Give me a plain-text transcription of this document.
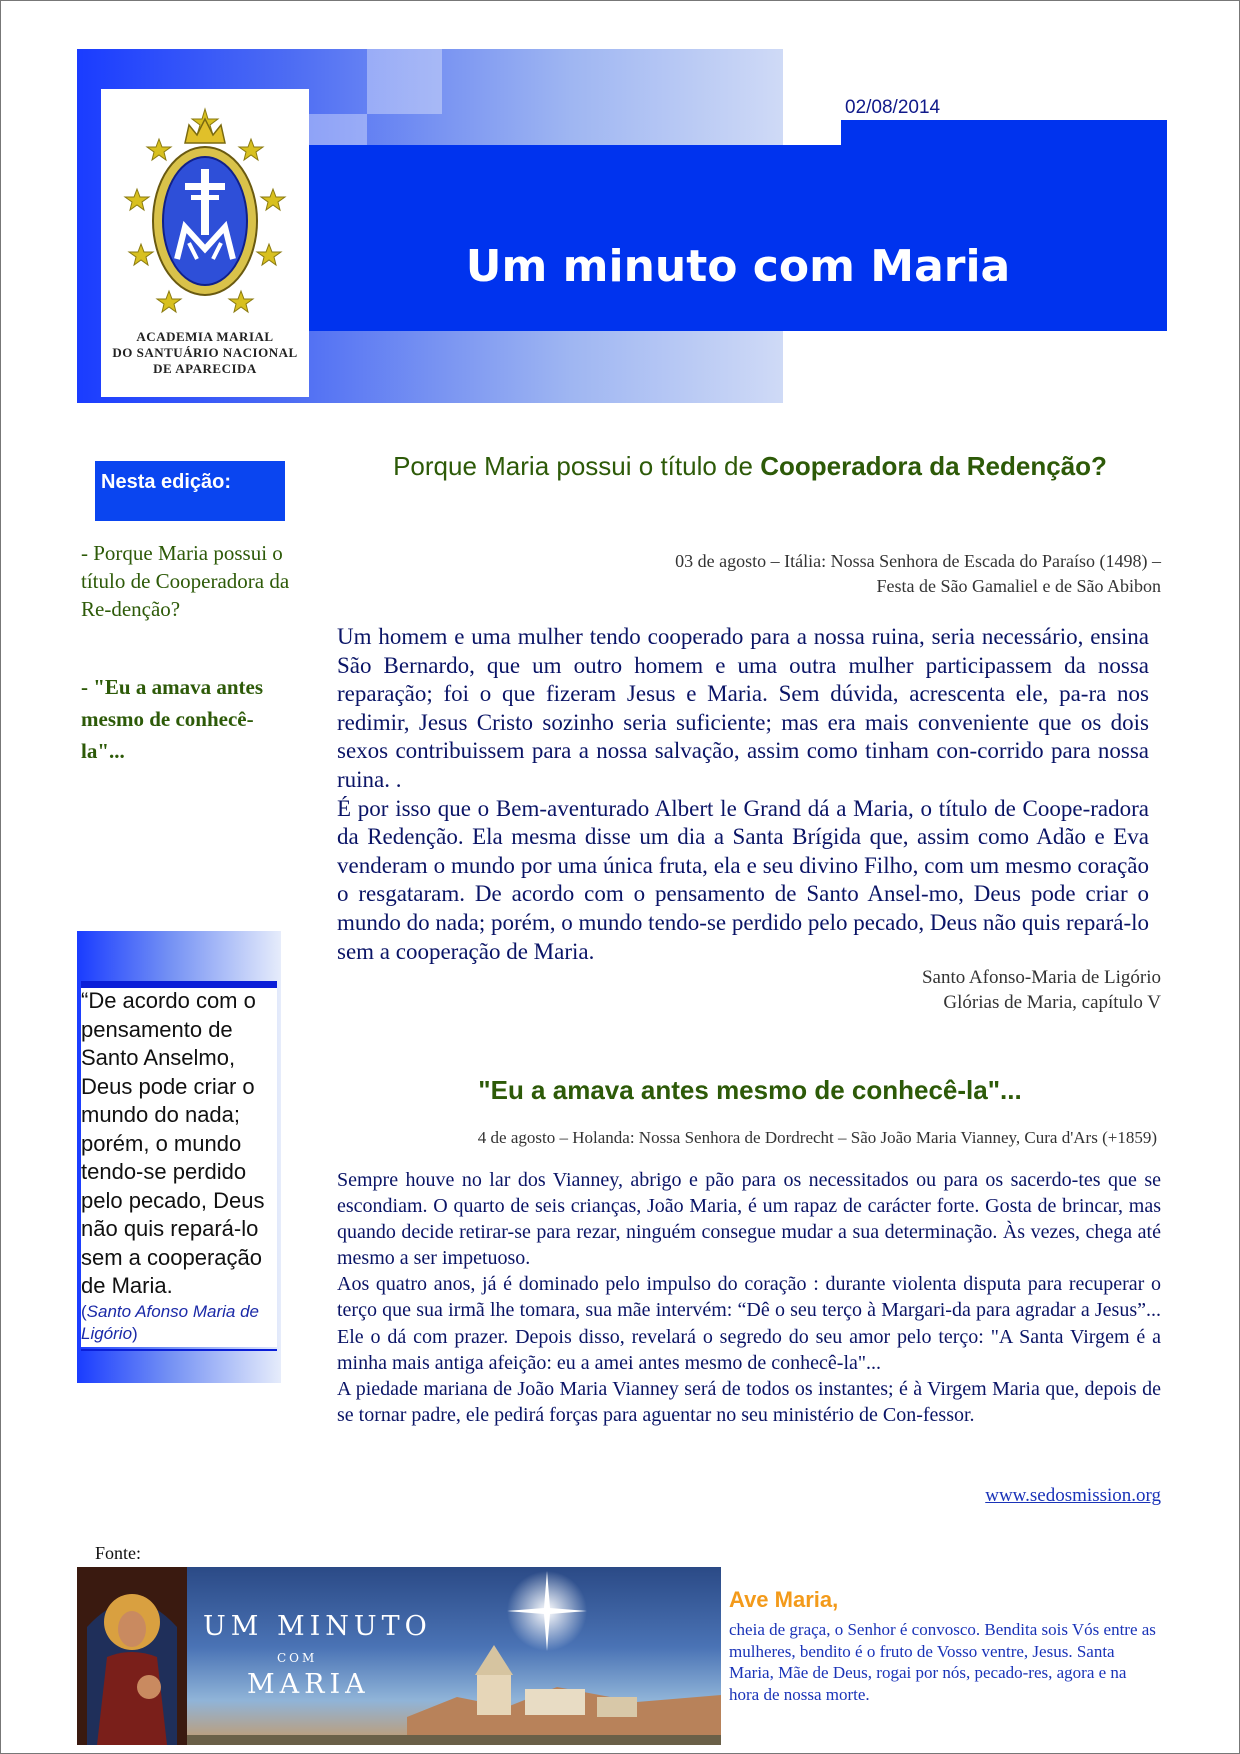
02/08/2014
Um minuto com Maria
ACADEMIA MARIAL
DO SANTUÁRIO NACIONAL
DE APARECIDA
Nesta edição:
- Porque Maria possui o título de Cooperadora da Re-denção?
- "Eu a amava antes mesmo de conhecê-la"...
“De acordo com o pensamento de Santo Anselmo, Deus pode criar o mundo do nada; porém, o mundo tendo-se perdido pelo pecado, Deus não quis repará-lo sem a cooperação de Maria.
(Santo Afonso Maria de Ligório)
Porque Maria possui o título de Cooperadora da Redenção?
03 de agosto – Itália: Nossa Senhora de Escada do Paraíso (1498) –
Festa de São Gamaliel e de São Abibon

Um homem e uma mulher tendo cooperado para a nossa ruina, seria necessário, ensina São Bernardo, que um outro homem e uma outra mulher participassem da nossa reparação; foi o que fizeram Jesus e Maria. Sem dúvida, acrescenta ele, pa-ra nos redimir, Jesus Cristo sozinho seria suficiente; mas era mais conveniente que os dois sexos contribuissem para a nossa salvação, assim como tinham con-corrido para nossa ruina. .

É por isso que o Bem-aventurado Albert le Grand dá a Maria, o título de Coope-radora da Redenção. Ela mesma disse um dia a Santa Brígida que, assim como Adão e Eva venderam o mundo por uma única fruta, ela e seu divino Filho, com um mesmo coração o resgataram. De acordo com o pensamento de Santo Ansel-mo, Deus pode criar o mundo do nada; porém, o mundo tendo-se perdido pelo pecado, Deus não quis repará-lo sem a cooperação de Maria.

Santo Afonso-Maria de Ligório
Glórias de Maria, capítulo V
"Eu a amava antes mesmo de conhecê-la"...
4 de agosto – Holanda: Nossa Senhora de Dordrecht – São João Maria Vianney, Cura d'Ars (+1859)

Sempre houve no lar dos Vianney, abrigo e pão para os necessitados ou para os sacerdo-tes que se escondiam. O quarto de seis crianças, João Maria, é um rapaz de carácter forte. Gosta de brincar, mas quando decide retirar-se para rezar, ninguém consegue mudar a sua determinação. Às vezes, chega até mesmo a ser impetuoso.

Aos quatro anos, já é dominado pelo impulso do coração : durante violenta disputa para recuperar o terço que sua irmã lhe tomara, sua mãe intervém: “Dê o seu terço à Margari-da para agradar a Jesus”... Ele o dá com prazer. Depois disso, revelará o segredo do seu amor pelo terço: "A Santa Virgem é a minha mais antiga afeição: eu a amei antes mesmo de conhecê-la"...

A piedade mariana de João Maria Vianney será de todos os instantes; é à Virgem Maria que, depois de se tornar padre, ele pedirá forças para aguentar no seu ministério de Con-fessor.

www.sedosmission.org
Fonte:
UM MINUTO
COM
MARIA
Ave Maria,
cheia de graça, o Senhor é convosco. Bendita sois Vós entre as mulheres, bendito é o fruto de Vosso ventre, Jesus. Santa Maria, Mãe de Deus, rogai por nós, pecado-res, agora e na hora de nossa morte.
